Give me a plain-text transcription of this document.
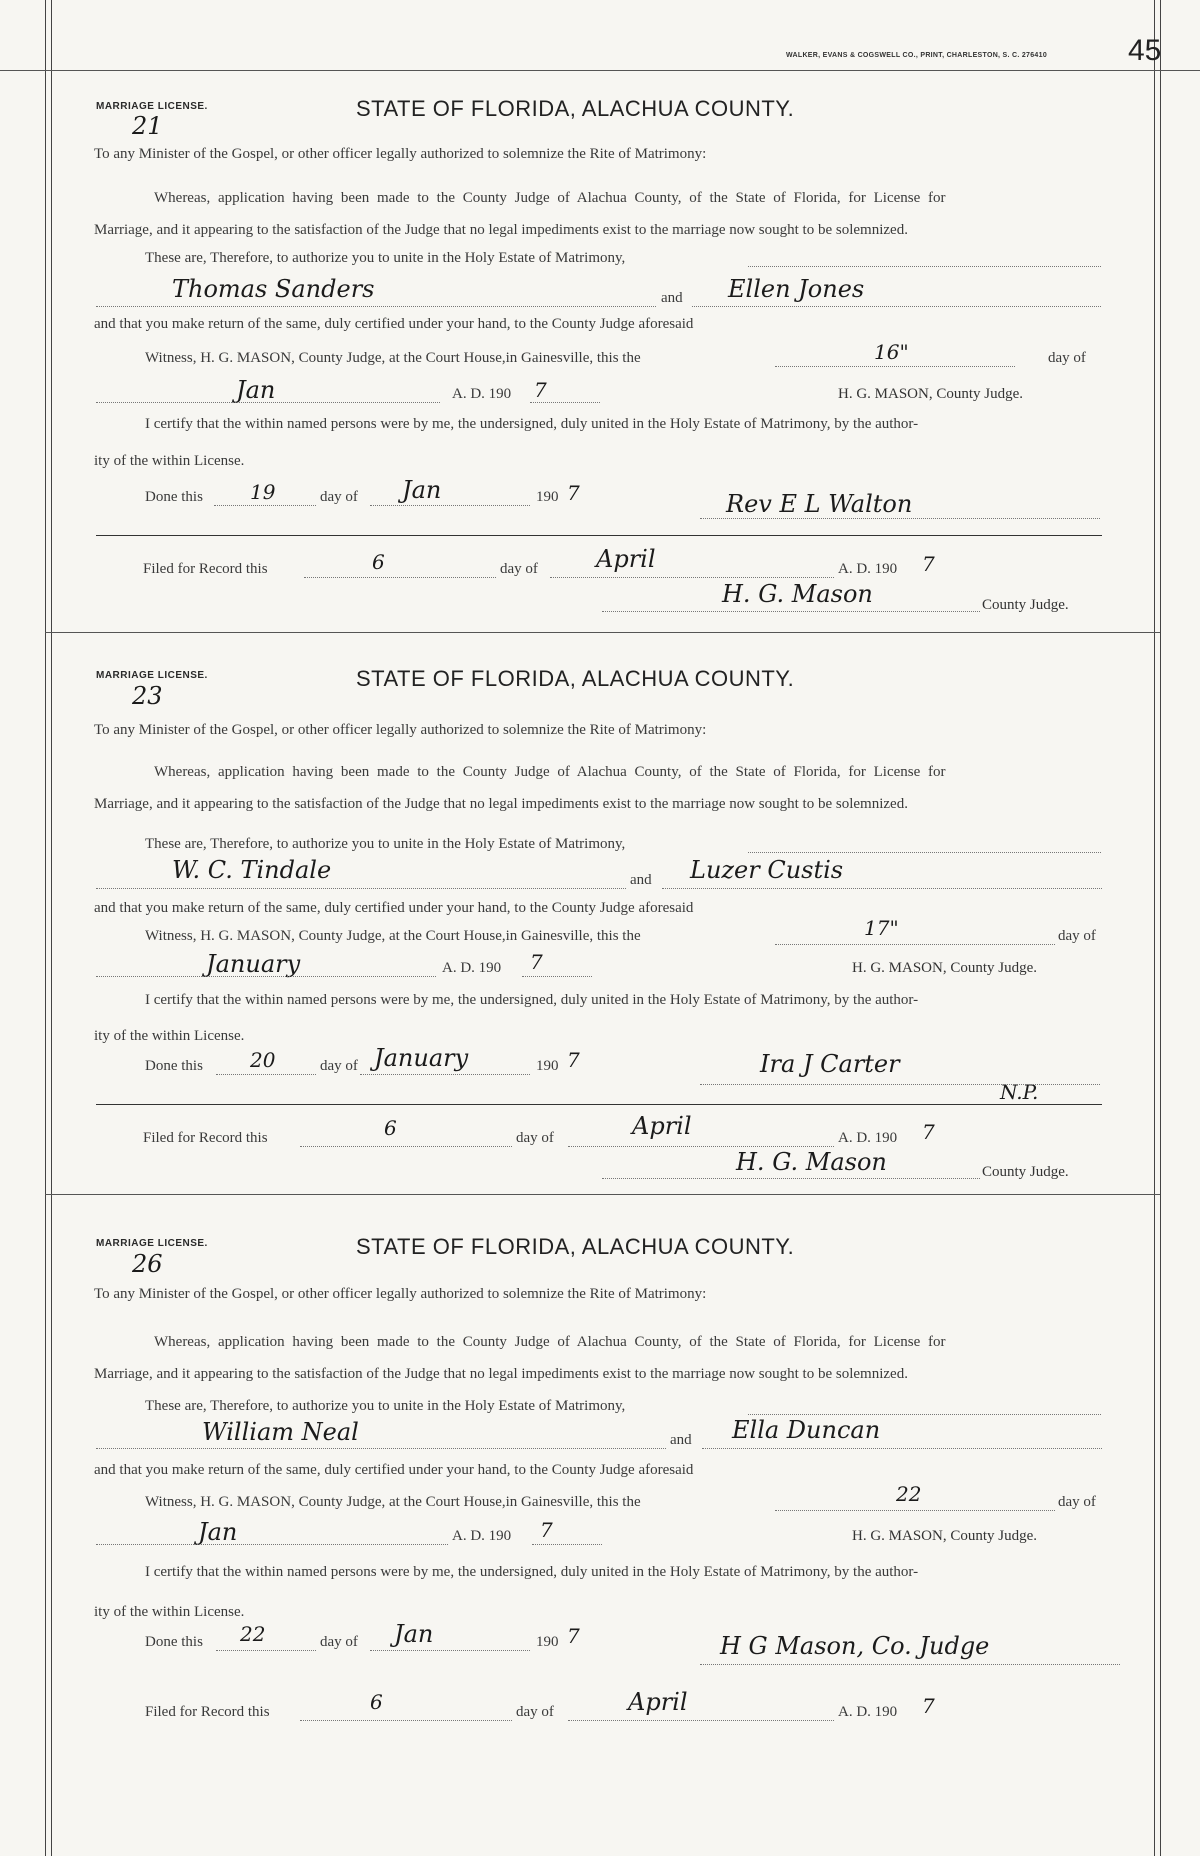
WALKER, EVANS & COGSWELL CO., PRINT, CHARLESTON, S. C. 276410	45
MARRIAGE LICENSE.
21
STATE OF FLORIDA, ALACHUA COUNTY.
To any Minister of the Gospel, or other officer legally authorized to solemnize the Rite of Matrimony:
Whereas, application having been made to the County Judge of Alachua County, of the State of Florida, for License for
Marriage, and it appearing to the satisfaction of the Judge that no legal impediments exist to the marriage now sought to be solemnized.
These are, Therefore, to authorize you to unite in the Holy Estate of Matrimony,
Thomas Sanders	and Ellen Jones
and that you make return of the same, duly certified under your hand, to the County Judge aforesaid
Witness, H. G. MASON, County Judge, at the Court House,in Gainesville, this the	16"	day of
Jan	A. D. 190 7	H. G. MASON, County Judge.
I certify that the within named persons were by me, the undersigned, duly united in the Holy Estate of Matrimony, by the author-
ity of the within License.
Done this 19	day of Jan	190 7	Rev E L Walton
Filed for Record this	6	day of April	A. D. 190 7
H. G. Mason	County Judge.
MARRIAGE LICENSE.
23
STATE OF FLORIDA, ALACHUA COUNTY.
To any Minister of the Gospel, or other officer legally authorized to solemnize the Rite of Matrimony:
Whereas, application having been made to the County Judge of Alachua County, of the State of Florida, for License for
Marriage, and it appearing to the satisfaction of the Judge that no legal impediments exist to the marriage now sought to be solemnized.
These are, Therefore, to authorize you to unite in the Holy Estate of Matrimony,
W. C. Tindale	and Luzer Custis
and that you make return of the same, duly certified under your hand, to the County Judge aforesaid
Witness, H. G. MASON, County Judge, at the Court House,in Gainesville, this the	17"	day of
January	A. D. 190 7	H. G. MASON, County Judge.
I certify that the within named persons were by me, the undersigned, duly united in the Holy Estate of Matrimony, by the author-
ity of the within License.
Done this 20	day of January	190 7	Ira J Carter
N.P.
Filed for Record this	6	day of	April	A. D. 190 7
H. G. Mason	County Judge.
MARRIAGE LICENSE.
26
STATE OF FLORIDA, ALACHUA COUNTY.
To any Minister of the Gospel, or other officer legally authorized to solemnize the Rite of Matrimony:
Whereas, application having been made to the County Judge of Alachua County, of the State of Florida, for License for
Marriage, and it appearing to the satisfaction of the Judge that no legal impediments exist to the marriage now sought to be solemnized.
These are, Therefore, to authorize you to unite in the Holy Estate of Matrimony,
William Neal	and Ella Duncan
and that you make return of the same, duly certified under your hand, to the County Judge aforesaid
Witness, H. G. MASON, County Judge, at the Court House,in Gainesville, this the	22	day of
Jan	A. D. 190 7	H. G. MASON, County Judge.
I certify that the within named persons were by me, the undersigned, duly united in the Holy Estate of Matrimony, by the author-
ity of the within License.
Done this 22	day of Jan	190 7	H G Mason, Co. Judge
Filed for Record this	6	day of	April	A. D. 190 7
